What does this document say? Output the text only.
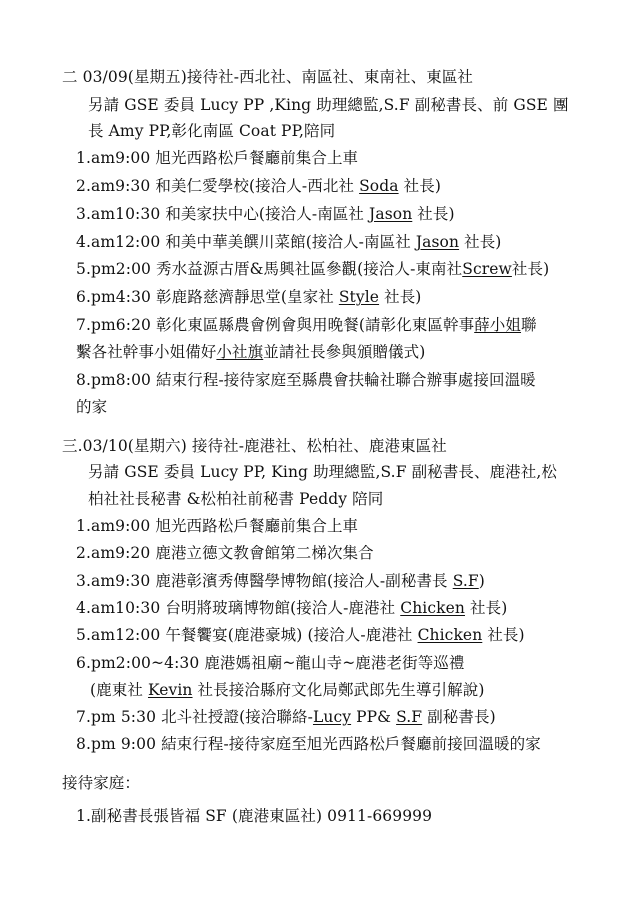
二 03/09(星期五)接待社-西北社、南區社、東南社、東區社
另請 GSE 委員 Lucy PP ,King 助理總監,S.F 副秘書長、前 GSE 團
長 Amy PP,彰化南區 Coat PP,陪同
1.am9:00 旭光西路松戶餐廳前集合上車
2.am9:30 和美仁愛學校(接洽人-西北社 Soda 社長)
3.am10:30 和美家扶中心(接洽人-南區社 Jason 社長)
4.am12:00 和美中華美饌川菜館(接洽人-南區社 Jason 社長)
5.pm2:00 秀水益源古厝&馬興社區參觀(接洽人-東南社Screw社長)
6.pm4:30 彰鹿路慈濟靜思堂(皇家社 Style 社長)
7.pm6:20 彰化東區縣農會例會與用晚餐(請彰化東區幹事薛小姐聯
繫各社幹事小姐備好小社旗並請社長參與頒贈儀式)
8.pm8:00 結束行程-接待家庭至縣農會扶輪社聯合辦事處接回溫暖
的家
三.03/10(星期六) 接待社-鹿港社、松柏社、鹿港東區社
另請 GSE 委員 Lucy PP, King 助理總監,S.F 副秘書長、鹿港社,松
柏社社長秘書 &松柏社前秘書 Peddy 陪同
1.am9:00 旭光西路松戶餐廳前集合上車
2.am9:20 鹿港立德文教會館第二梯次集合
3.am9:30 鹿港彰濱秀傳醫學博物館(接洽人-副秘書長 S.F)
4.am10:30 台明將玻璃博物館(接洽人-鹿港社 Chicken 社長)
5.am12:00 午餐饗宴(鹿港豪城) (接洽人-鹿港社 Chicken 社長)
6.pm2:00~4:30 鹿港媽祖廟~龍山寺~鹿港老街等巡禮
(鹿東社 Kevin 社長接洽縣府文化局鄭武郎先生導引解說)
7.pm 5:30 北斗社授證(接洽聯絡-Lucy PP& S.F 副秘書長)
8.pm 9:00 結束行程-接待家庭至旭光西路松戶餐廳前接回溫暖的家
接待家庭：
1.副秘書長張皆福 SF (鹿港東區社) 0911-669999
